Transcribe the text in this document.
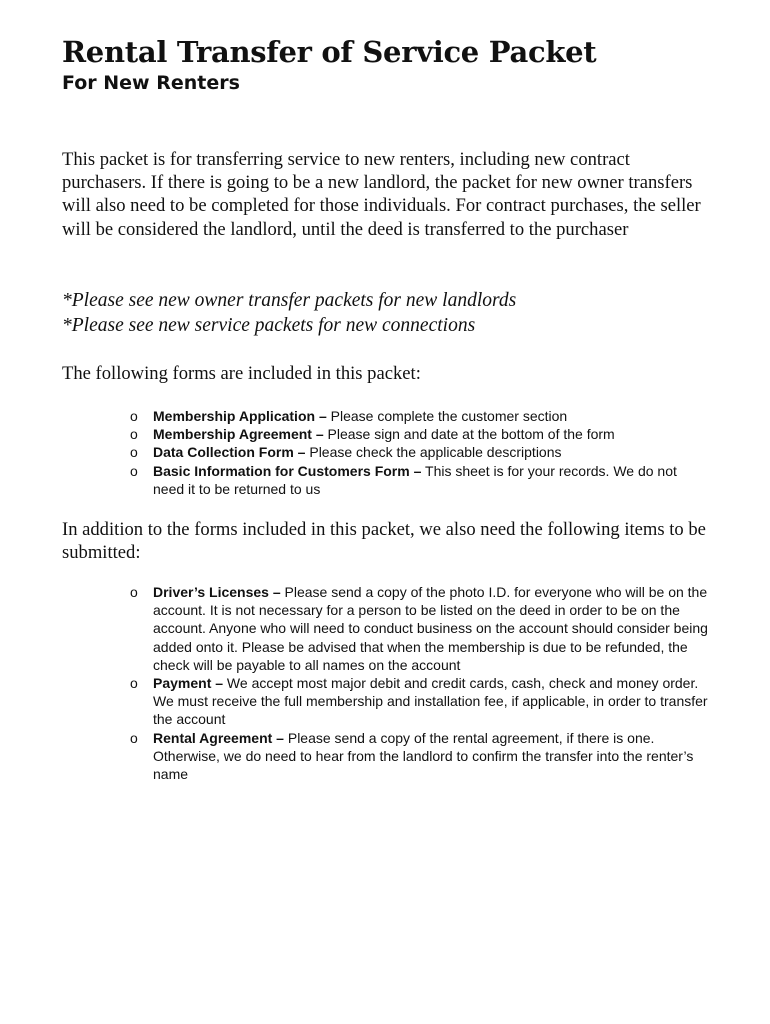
Rental Transfer of Service Packet
For New Renters

This packet is for transferring service to new renters, including new contract purchasers. If there is going to be a new landlord, the packet for new owner transfers will also need to be completed for those individuals. For contract purchases, the seller will be considered the landlord, until the deed is transferred to the purchaser

*Please see new owner transfer packets for new landlords
*Please see new service packets for new connections

The following forms are included in this packet:

o Membership Application – Please complete the customer section
o Membership Agreement – Please sign and date at the bottom of the form
o Data Collection Form – Please check the applicable descriptions
o Basic Information for Customers Form – This sheet is for your records. We do not need it to be returned to us

In addition to the forms included in this packet, we also need the following items to be submitted:

o Driver’s Licenses – Please send a copy of the photo I.D. for everyone who will be on the account. It is not necessary for a person to be listed on the deed in order to be on the account. Anyone who will need to conduct business on the account should consider being added onto it. Please be advised that when the membership is due to be refunded, the check will be payable to all names on the account
o Payment – We accept most major debit and credit cards, cash, check and money order. We must receive the full membership and installation fee, if applicable, in order to transfer the account
o Rental Agreement – Please send a copy of the rental agreement, if there is one. Otherwise, we do need to hear from the landlord to confirm the transfer into the renter’s name
